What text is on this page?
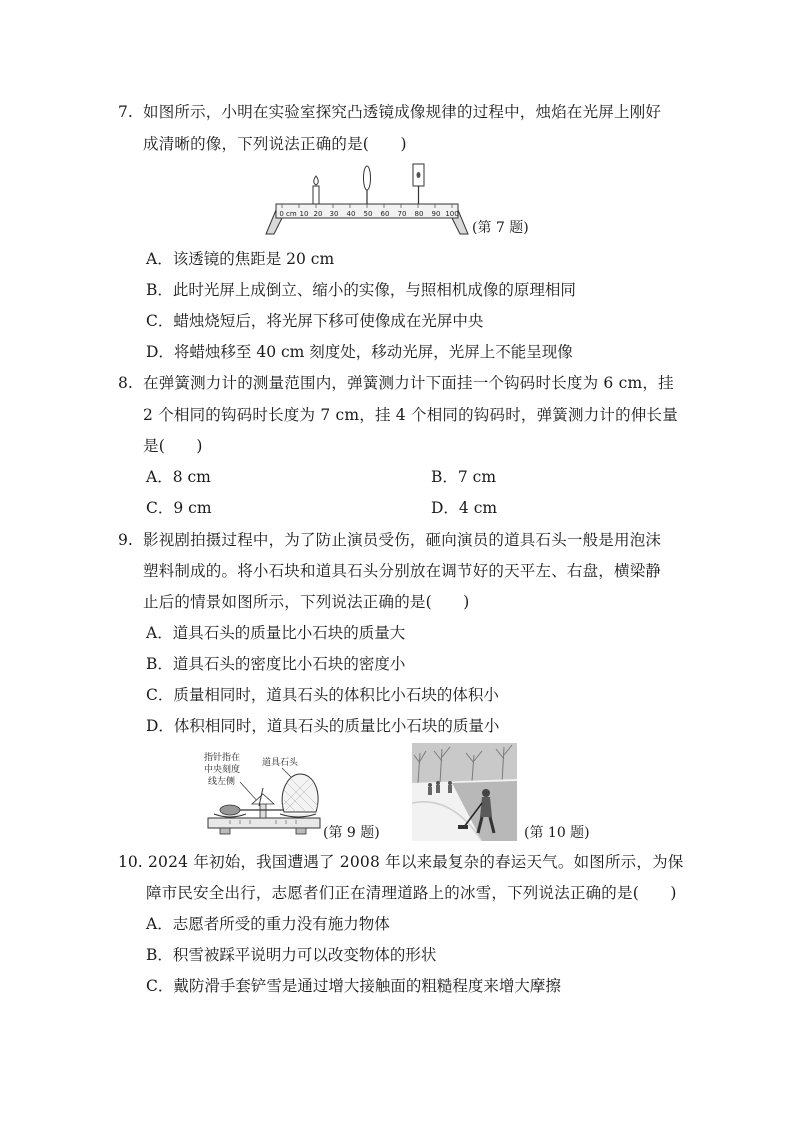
7. 如图所示，小明在实验室探究凸透镜成像规律的过程中，烛焰在光屏上刚好
成清晰的像，下列说法正确的是(　　)
0 cm 10 20 30 40 50 60 70 80 90 100
(第 7 题)
A．该透镜的焦距是 20 cm
B．此时光屏上成倒立、缩小的实像，与照相机成像的原理相同
C．蜡烛烧短后，将光屏下移可使像成在光屏中央
D．将蜡烛移至 40 cm 刻度处，移动光屏，光屏上不能呈现像
8. 在弹簧测力计的测量范围内，弹簧测力计下面挂一个钩码时长度为 6 cm，挂
2 个相同的钩码时长度为 7 cm，挂 4 个相同的钩码时，弹簧测力计的伸长量
是(　　)
A．8 cm	B．7 cm
C．9 cm	D．4 cm
9. 影视剧拍摄过程中，为了防止演员受伤，砸向演员的道具石头一般是用泡沫
塑料制成的。将小石块和道具石头分别放在调节好的天平左、右盘，横梁静
止后的情景如图所示，下列说法正确的是(　　)
A．道具石头的质量比小石块的质量大
B．道具石头的密度比小石块的密度小
C．质量相同时，道具石头的体积比小石块的体积小
D．体积相同时，道具石头的质量比小石块的质量小
指针指在
中央刻度
线左侧
道具石头
(第 9 题)	(第 10 题)
10. 2024 年初始，我国遭遇了 2008 年以来最复杂的春运天气。如图所示，为保
障市民安全出行，志愿者们正在清理道路上的冰雪，下列说法正确的是(　　)
A．志愿者所受的重力没有施力物体
B．积雪被踩平说明力可以改变物体的形状
C．戴防滑手套铲雪是通过增大接触面的粗糙程度来增大摩擦
